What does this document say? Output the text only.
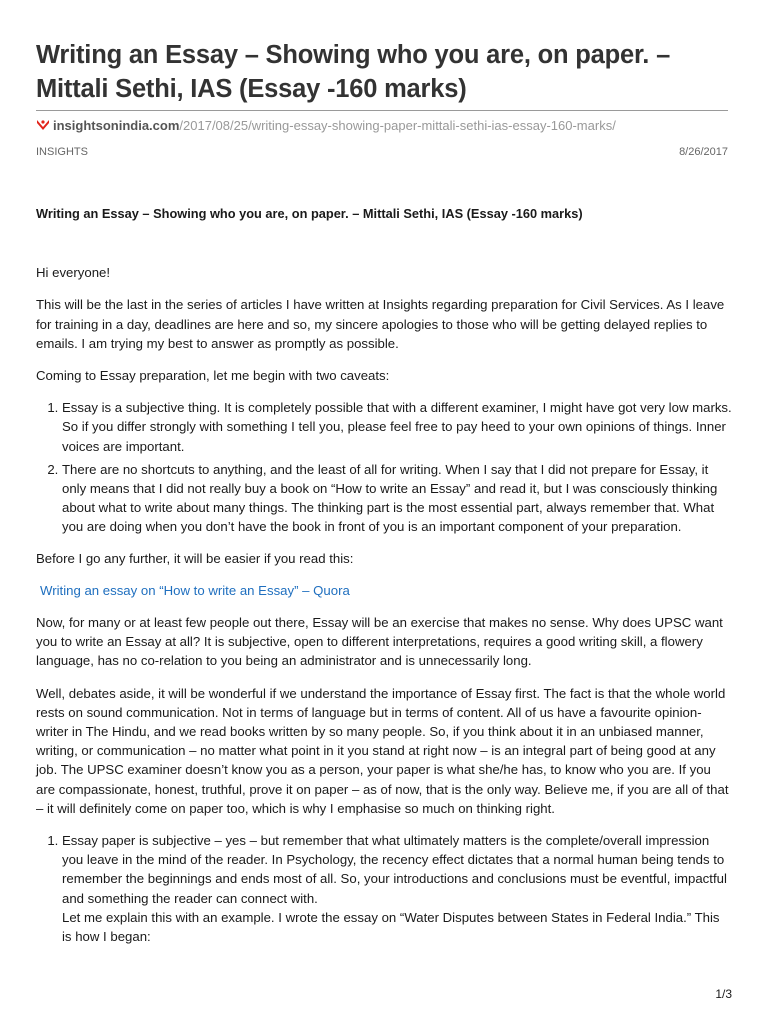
Writing an Essay – Showing who you are, on paper. – Mittali Sethi, IAS (Essay -160 marks)
insightsonindia.com/2017/08/25/writing-essay-showing-paper-mittali-sethi-ias-essay-160-marks/
INSIGHTS	8/26/2017

Writing an Essay – Showing who you are, on paper. – Mittali Sethi, IAS (Essay -160 marks)

Hi everyone!

This will be the last in the series of articles I have written at Insights regarding preparation for Civil Services. As I leave for training in a day, deadlines are here and so, my sincere apologies to those who will be getting delayed replies to emails. I am trying my best to answer as promptly as possible.

Coming to Essay preparation, let me begin with two caveats:

1. Essay is a subjective thing. It is completely possible that with a different examiner, I might have got very low marks. So if you differ strongly with something I tell you, please feel free to pay heed to your own opinions of things. Inner voices are important.
2. There are no shortcuts to anything, and the least of all for writing. When I say that I did not prepare for Essay, it only means that I did not really buy a book on “How to write an Essay” and read it, but I was consciously thinking about what to write about many things. The thinking part is the most essential part, always remember that. What you are doing when you don’t have the book in front of you is an important component of your preparation.

Before I go any further, it will be easier if you read this:

Writing an essay on “How to write an Essay” – Quora

Now, for many or at least few people out there, Essay will be an exercise that makes no sense. Why does UPSC want you to write an Essay at all? It is subjective, open to different interpretations, requires a good writing skill, a flowery language, has no co-relation to you being an administrator and is unnecessarily long.

Well, debates aside, it will be wonderful if we understand the importance of Essay first. The fact is that the whole world rests on sound communication. Not in terms of language but in terms of content. All of us have a favourite opinion-writer in The Hindu, and we read books written by so many people. So, if you think about it in an unbiased manner, writing, or communication – no matter what point in it you stand at right now – is an integral part of being good at any job. The UPSC examiner doesn’t know you as a person, your paper is what she/he has, to know who you are. If you are compassionate, honest, truthful, prove it on paper – as of now, that is the only way. Believe me, if you are all of that – it will definitely come on paper too, which is why I emphasise so much on thinking right.

1. Essay paper is subjective – yes – but remember that what ultimately matters is the complete/overall impression you leave in the mind of the reader. In Psychology, the recency effect dictates that a normal human being tends to remember the beginnings and ends most of all. So, your introductions and conclusions must be eventful, impactful and something the reader can connect with.
Let me explain this with an example. I wrote the essay on “Water Disputes between States in Federal India.” This is how I began:
1/3
